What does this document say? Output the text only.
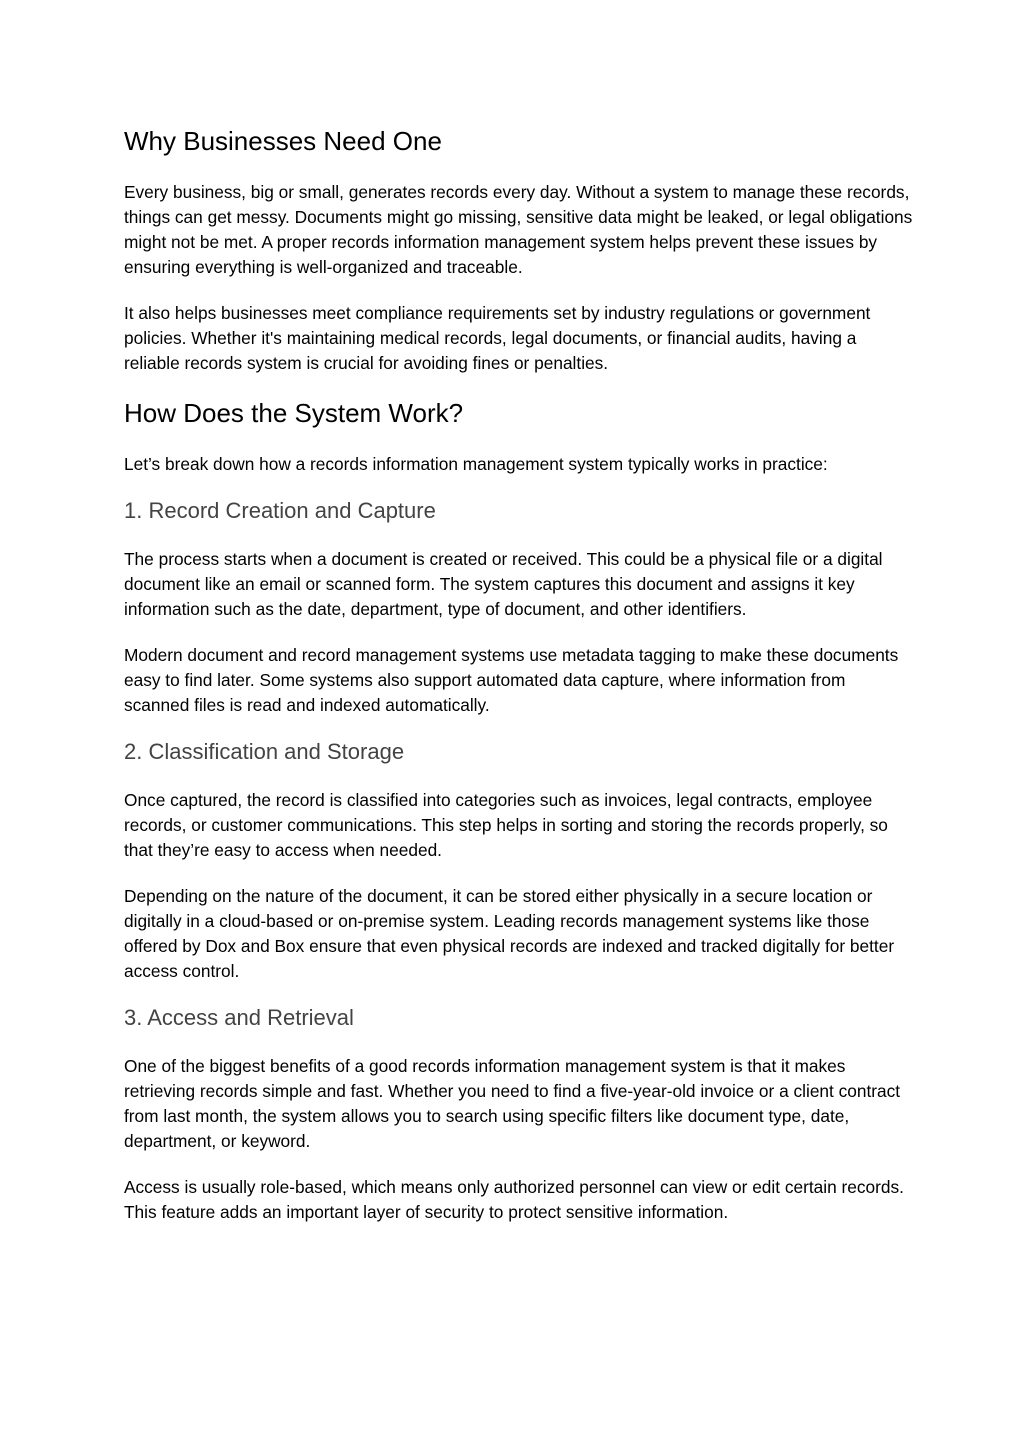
Why Businesses Need One

Every business, big or small, generates records every day. Without a system to manage these records, things can get messy. Documents might go missing, sensitive data might be leaked, or legal obligations might not be met. A proper records information management system helps prevent these issues by ensuring everything is well-organized and traceable.

It also helps businesses meet compliance requirements set by industry regulations or government policies. Whether it's maintaining medical records, legal documents, or financial audits, having a reliable records system is crucial for avoiding fines or penalties.

How Does the System Work?

Let’s break down how a records information management system typically works in practice:

1. Record Creation and Capture

The process starts when a document is created or received. This could be a physical file or a digital document like an email or scanned form. The system captures this document and assigns it key information such as the date, department, type of document, and other identifiers.

Modern document and record management systems use metadata tagging to make these documents easy to find later. Some systems also support automated data capture, where information from scanned files is read and indexed automatically.

2. Classification and Storage

Once captured, the record is classified into categories such as invoices, legal contracts, employee records, or customer communications. This step helps in sorting and storing the records properly, so that they’re easy to access when needed.

Depending on the nature of the document, it can be stored either physically in a secure location or digitally in a cloud-based or on-premise system. Leading records management systems like those offered by Dox and Box ensure that even physical records are indexed and tracked digitally for better access control.

3. Access and Retrieval

One of the biggest benefits of a good records information management system is that it makes retrieving records simple and fast. Whether you need to find a five-year-old invoice or a client contract from last month, the system allows you to search using specific filters like document type, date, department, or keyword.

Access is usually role-based, which means only authorized personnel can view or edit certain records. This feature adds an important layer of security to protect sensitive information.
